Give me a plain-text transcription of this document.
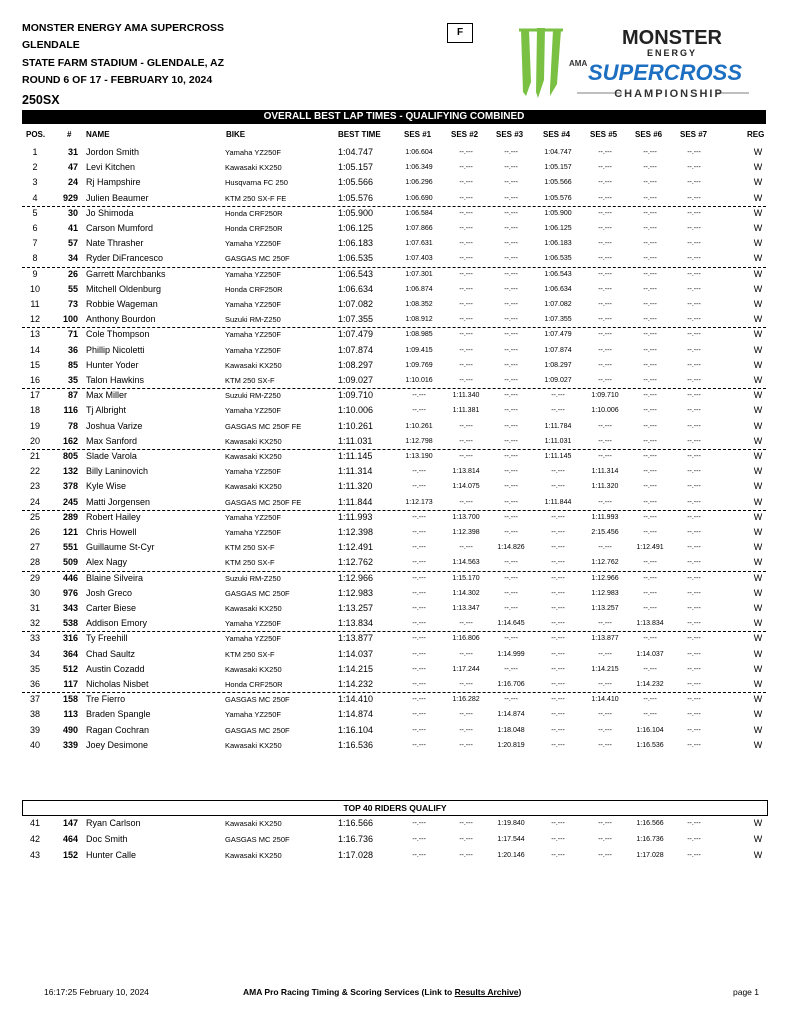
MONSTER ENERGY AMA SUPERCROSS
GLENDALE
STATE FARM STADIUM - GLENDALE, AZ
ROUND 6 OF 17 - FEBRUARY 10, 2024
250SX
F	MONSTER
ENERGY
AMA SUPERCROSS
CHAMPIONSHIP
OVERALL BEST LAP TIMES - QUALIFYING COMBINED
POS.	# NAME	BIKE	BEST TIME	SES #1 SES #2 SES #3 SES #4 SES #5 SES #6 SES #7	REG
1	31 Jordon Smith	Yamaha YZ250F	1:04.747	1:06.604	--.---	--.---	1:04.747	--.---	--.---	--.---	W
2	47 Levi Kitchen	Kawasaki KX250	1:05.157	1:06.349	--.---	--.---	1:05.157	--.---	--.---	--.---	W
3	24 Rj Hampshire	Husqvarna FC 250	1:05.566	1:06.296	--.---	--.---	1:05.566	--.---	--.---	--.---	W
4	929 Julien Beaumer	KTM 250 SX-F FE	1:05.576	1:06.690	--.---	--.---	1:05.576	--.---	--.---	--.---	W
5	30 Jo Shimoda	Honda CRF250R	1:05.900	1:06.584	--.---	--.---	1:05.900	--.---	--.---	--.---	W
6	41 Carson Mumford	Honda CRF250R	1:06.125	1:07.866	--.---	--.---	1:06.125	--.---	--.---	--.---	W
7	57 Nate Thrasher	Yamaha YZ250F	1:06.183	1:07.631	--.---	--.---	1:06.183	--.---	--.---	--.---	W
8	34 Ryder DiFrancesco	GASGAS MC 250F	1:06.535	1:07.403	--.---	--.---	1:06.535	--.---	--.---	--.---	W
9	26 Garrett Marchbanks	Yamaha YZ250F	1:06.543	1:07.301	--.---	--.---	1:06.543	--.---	--.---	--.---	W
10	55 Mitchell Oldenburg	Honda CRF250R	1:06.634	1:06.874	--.---	--.---	1:06.634	--.---	--.---	--.---	W
11	73 Robbie Wageman	Yamaha YZ250F	1:07.082	1:08.352	--.---	--.---	1:07.082	--.---	--.---	--.---	W
12	100 Anthony Bourdon	Suzuki RM-Z250	1:07.355	1:08.912	--.---	--.---	1:07.355	--.---	--.---	--.---	W
13	71 Cole Thompson	Yamaha YZ250F	1:07.479	1:08.985	--.---	--.---	1:07.479	--.---	--.---	--.---	W
14	36 Phillip Nicoletti	Yamaha YZ250F	1:07.874	1:09.415	--.---	--.---	1:07.874	--.---	--.---	--.---	W
15	85 Hunter Yoder	Kawasaki KX250	1:08.297	1:09.769	--.---	--.---	1:08.297	--.---	--.---	--.---	W
16	35 Talon Hawkins	KTM 250 SX-F	1:09.027	1:10.016	--.---	--.---	1:09.027	--.---	--.---	--.---	W
17	87 Max Miller	Suzuki RM-Z250	1:09.710	--.---	1:11.340	--.---	--.---	1:09.710	--.---	--.---	W
18	116 Tj Albright	Yamaha YZ250F	1:10.006	--.---	1:11.381	--.---	--.---	1:10.006	--.---	--.---	W
19	78 Joshua Varize	GASGAS MC 250F FE	1:10.261	1:10.261	--.---	--.---	1:11.784	--.---	--.---	--.---	W
20	162 Max Sanford	Kawasaki KX250	1:11.031	1:12.798	--.---	--.---	1:11.031	--.---	--.---	--.---	W
21	805 Slade Varola	Kawasaki KX250	1:11.145	1:13.190	--.---	--.---	1:11.145	--.---	--.---	--.---	W
22	132 Billy Laninovich	Yamaha YZ250F	1:11.314	--.---	1:13.814	--.---	--.---	1:11.314	--.---	--.---	W
23	378 Kyle Wise	Kawasaki KX250	1:11.320	--.---	1:14.075	--.---	--.---	1:11.320	--.---	--.---	W
24	245 Matti Jorgensen	GASGAS MC 250F FE	1:11.844	1:12.173	--.---	--.---	1:11.844	--.---	--.---	--.---	W
25	289 Robert Hailey	Yamaha YZ250F	1:11.993	--.---	1:13.700	--.---	--.---	1:11.993	--.---	--.---	W
26	121 Chris Howell	Yamaha YZ250F	1:12.398	--.---	1:12.398	--.---	--.---	2:15.456	--.---	--.---	W
27	551 Guillaume St-Cyr	KTM 250 SX-F	1:12.491	--.---	--.---	1:14.826	--.---	--.---	1:12.491	--.---	W
28	509 Alex Nagy	KTM 250 SX-F	1:12.762	--.---	1:14.563	--.---	--.---	1:12.762	--.---	--.---	W
29	446 Blaine Silveira	Suzuki RM-Z250	1:12.966	--.---	1:15.170	--.---	--.---	1:12.966	--.---	--.---	W
30	976 Josh Greco	GASGAS MC 250F	1:12.983	--.---	1:14.302	--.---	--.---	1:12.983	--.---	--.---	W
31	343 Carter Biese	Kawasaki KX250	1:13.257	--.---	1:13.347	--.---	--.---	1:13.257	--.---	--.---	W
32	538 Addison Emory	Yamaha YZ250F	1:13.834	--.---	--.---	1:14.645	--.---	--.---	1:13.834	--.---	W
33	316 Ty Freehill	Yamaha YZ250F	1:13.877	--.---	1:16.806	--.---	--.---	1:13.877	--.---	--.---	W
34	364 Chad Saultz	KTM 250 SX-F	1:14.037	--.---	--.---	1:14.999	--.---	--.---	1:14.037	--.---	W
35	512 Austin Cozadd	Kawasaki KX250	1:14.215	--.---	1:17.244	--.---	--.---	1:14.215	--.---	--.---	W
36	117 Nicholas Nisbet	Honda CRF250R	1:14.232	--.---	--.---	1:16.706	--.---	--.---	1:14.232	--.---	W
37	158 Tre Fierro	GASGAS MC 250F	1:14.410	--.---	1:16.282	--.---	--.---	1:14.410	--.---	--.---	W
38	113 Braden Spangle	Yamaha YZ250F	1:14.874	--.---	--.---	1:14.874	--.---	--.---	--.---	--.---	W
39	490 Ragan Cochran	GASGAS MC 250F	1:16.104	--.---	--.---	1:18.048	--.---	--.---	1:16.104	--.---	W
40	339 Joey Desimone	Kawasaki KX250	1:16.536	--.---	--.---	1:20.819	--.---	--.---	1:16.536	--.---	W
41	147 Ryan Carlson	Kawasaki KX250	1:16.566	--.---	--.---	1:19.840	--.---	--.---	1:16.566	--.---	W
42	464 Doc Smith	GASGAS MC 250F	1:16.736	--.---	--.---	1:17.544	--.---	--.---	1:16.736	--.---	W
43	152 Hunter Calle	Kawasaki KX250	1:17.028	--.---	--.---	1:20.146	--.---	--.---	1:17.028	--.---	W
TOP 40 RIDERS QUALIFY
16:17:25 February 10, 2024	AMA Pro Racing Timing & Scoring Services (Link to Results Archive)	page 1
